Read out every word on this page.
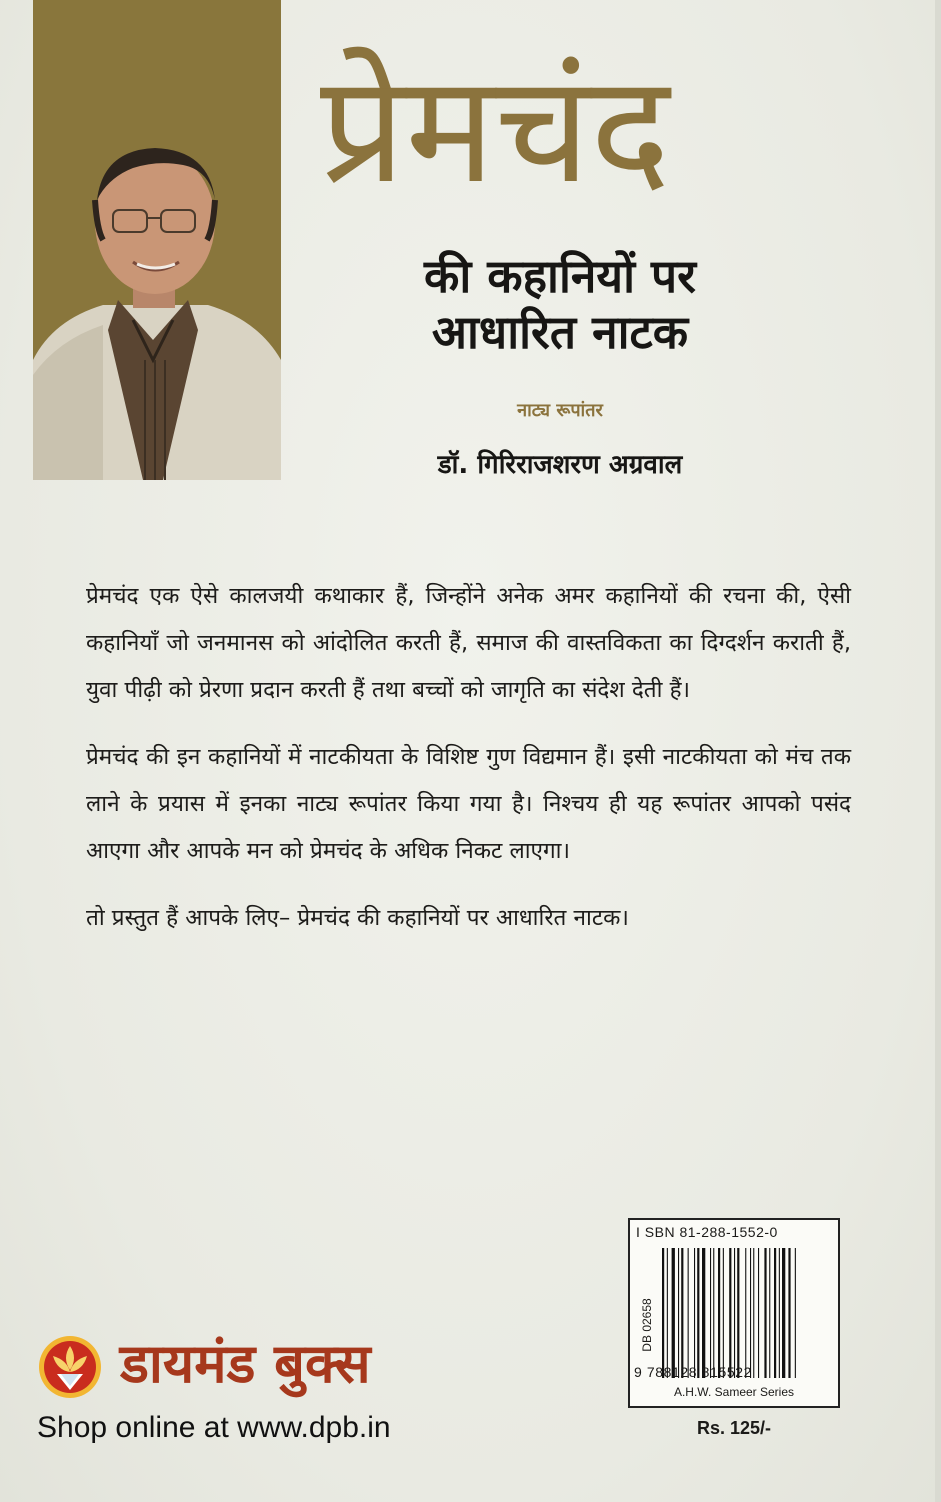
प्रेमचंद
की कहानियों पर
आधारित नाटक
नाट्य रूपांतर
डॉ. गिरिराजशरण अग्रवाल

प्रेमचंद एक ऐसे कालजयी कथाकार हैं, जिन्होंने अनेक अमर कहानियों की रचना की, ऐसी कहानियाँ जो जनमानस को आंदोलित करती हैं, समाज की वास्तविकता का दिग्दर्शन कराती हैं, युवा पीढ़ी को प्रेरणा प्रदान करती हैं तथा बच्चों को जागृति का संदेश देती हैं।

प्रेमचंद की इन कहानियों में नाटकीयता के विशिष्ट गुण विद्यमान हैं। इसी नाटकीयता को मंच तक लाने के प्रयास में इनका नाट्य रूपांतर किया गया है। निश्चय ही यह रूपांतर आपको पसंद आएगा और आपके मन को प्रेमचंद के अधिक निकट लाएगा।

तो प्रस्तुत हैं आपके लिए– प्रेमचंद की कहानियों पर आधारित नाटक।

डायमंड बुक्स
Shop online at www.dpb.in
I SBN 81-288-1552-0
DB 02658
9 788128 815522
A.H.W. Sameer Series
Rs. 125/-
